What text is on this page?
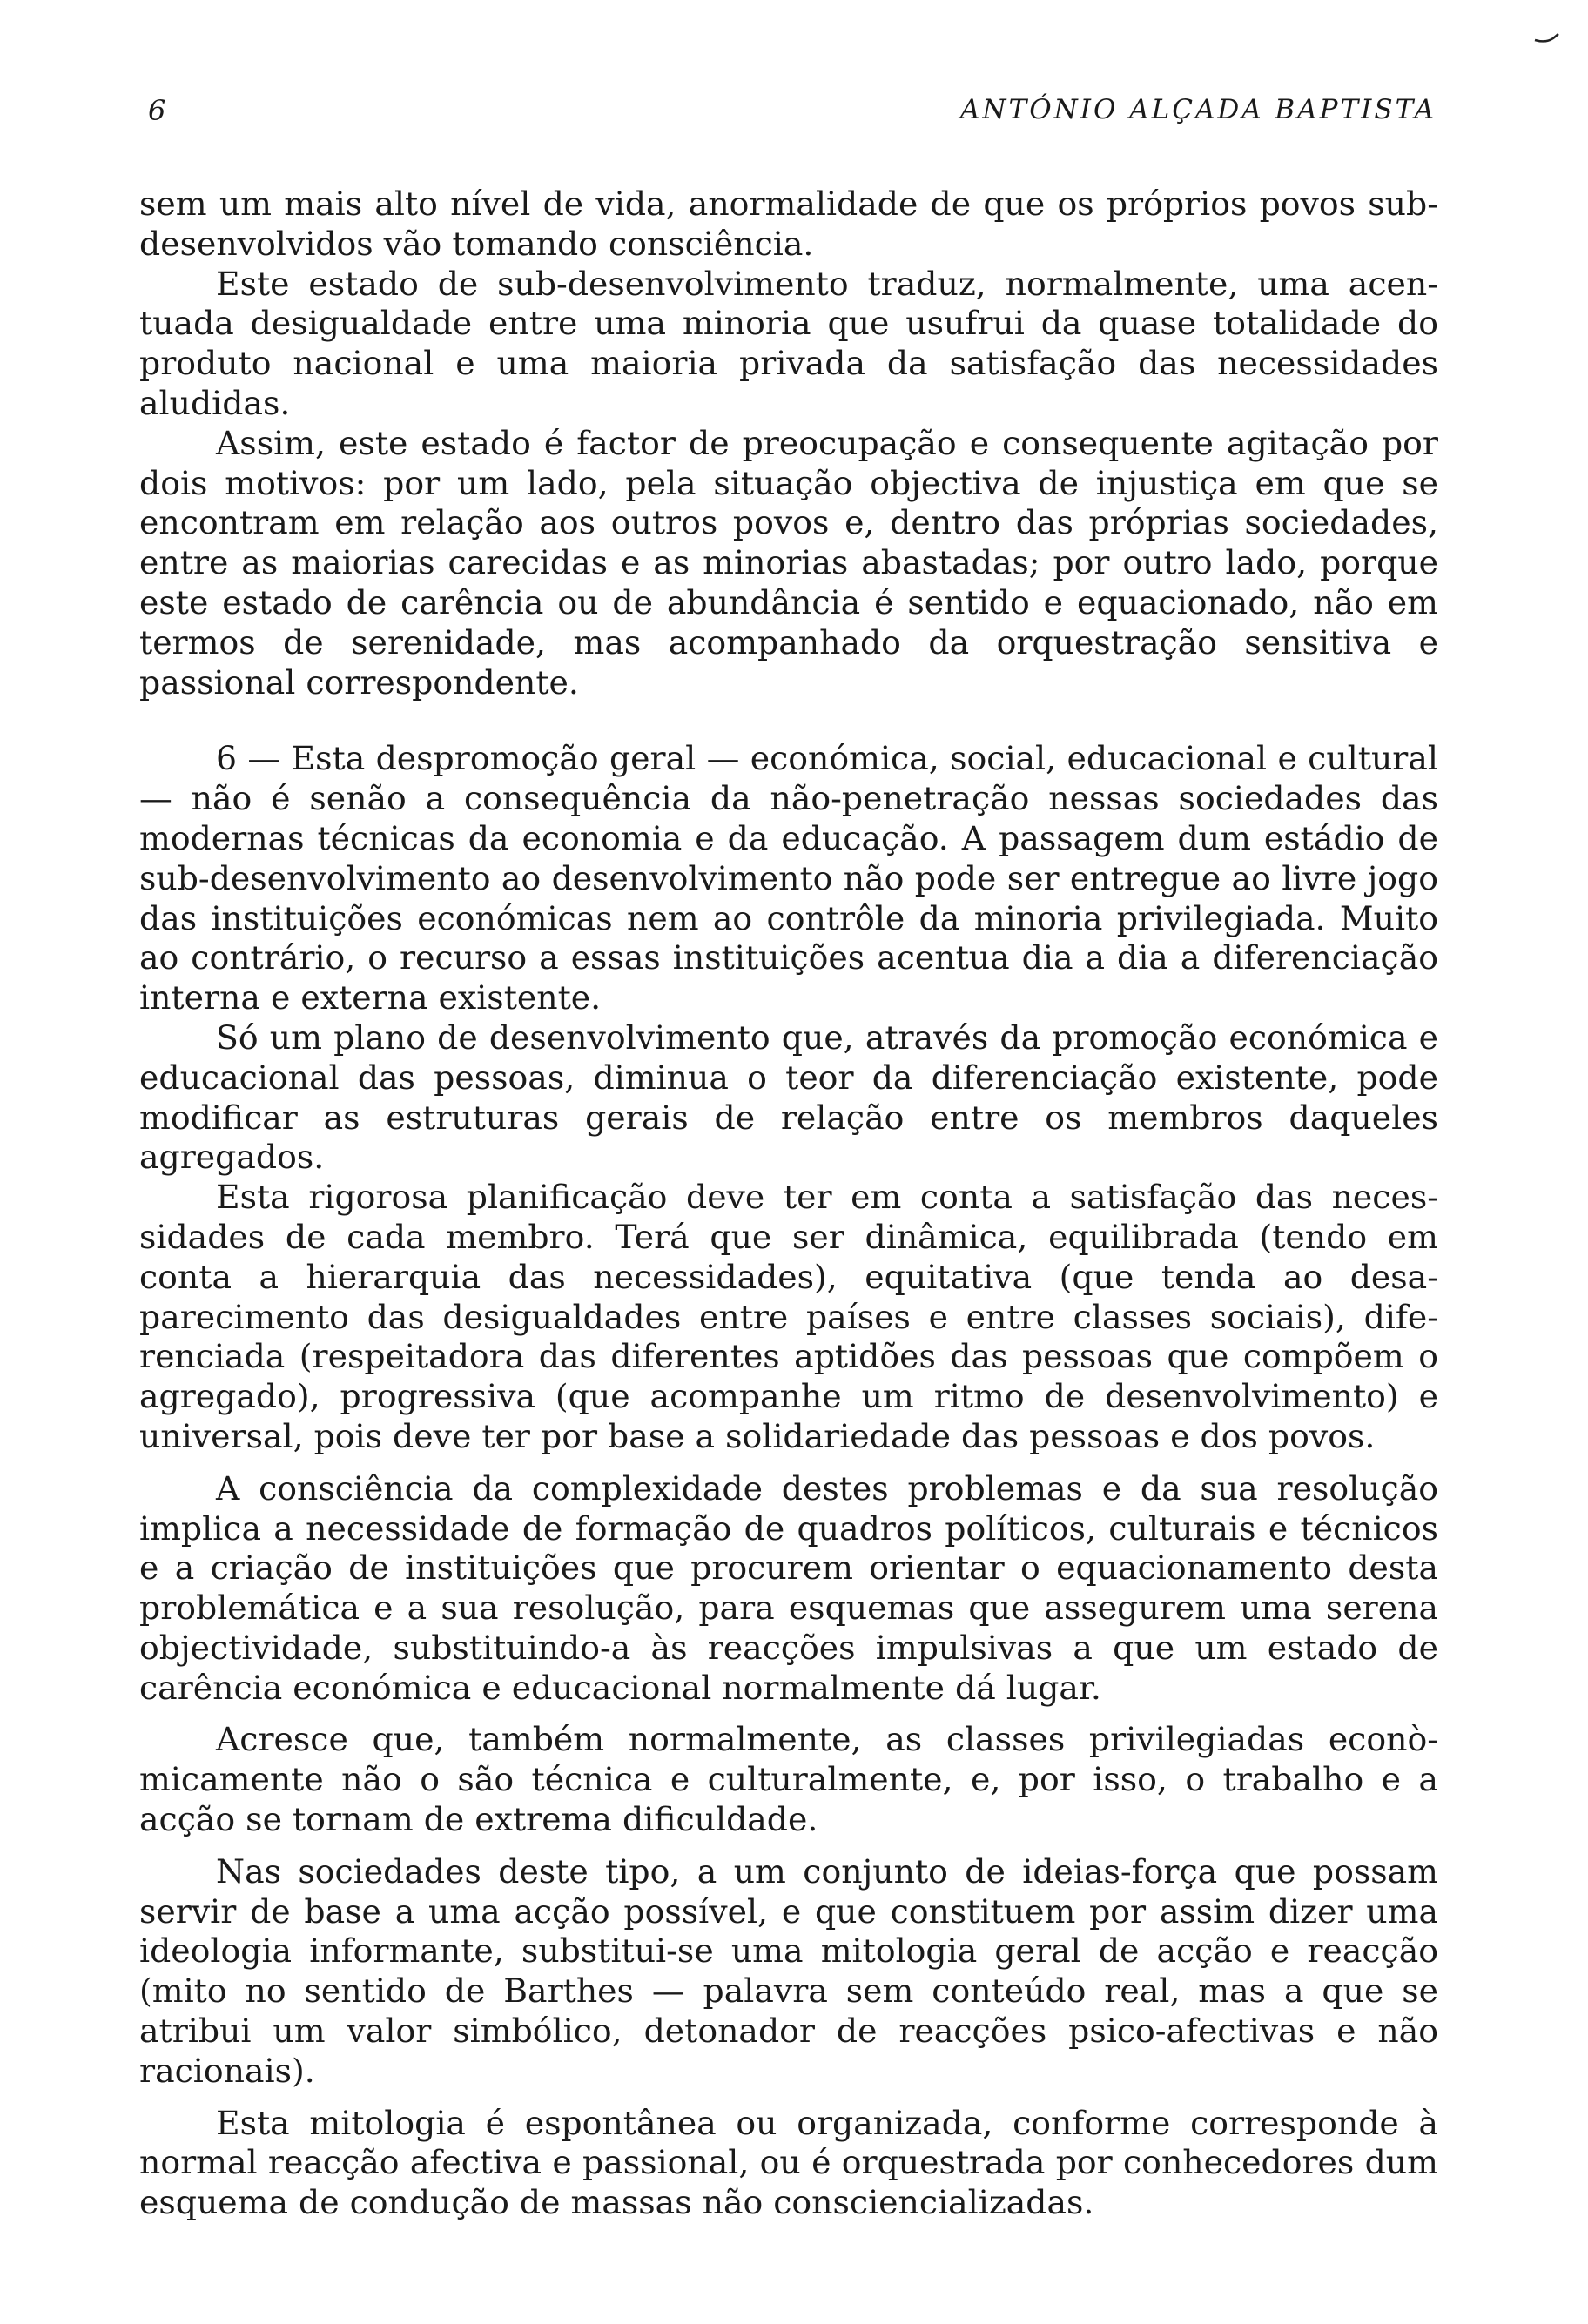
6	ANTÓNIO ALÇADA BAPTISTA

sem um mais alto nível de vida, anormalidade de que os próprios povos sub-desenvolvidos vão tomando consciência.

Este estado de sub-desenvolvimento traduz, normalmente, uma acentuada desigualdade entre uma minoria que usufrui da quase totalidade do produto nacional e uma maioria privada da satisfação das necessidades aludidas.

Assim, este estado é factor de preocupação e consequente agitação por dois motivos: por um lado, pela situação objectiva de injustiça em que se encontram em relação aos outros povos e, dentro das próprias sociedades, entre as maiorias carecidas e as minorias abastadas; por outro lado, porque este estado de carência ou de abundância é sentido e equacionado, não em termos de serenidade, mas acompanhado da orquestração sensitiva e passional correspondente.

6 — Esta despromoção geral — económica, social, educacional e cultural — não é senão a consequência da não-penetração nessas sociedades das modernas técnicas da economia e da educação. A passagem dum estádio de sub-desenvolvimento ao desenvolvimento não pode ser entregue ao livre jogo das instituições económicas nem ao contrôle da minoria privilegiada. Muito ao contrário, o recurso a essas instituições acentua dia a dia a diferenciação interna e externa existente.

Só um plano de desenvolvimento que, através da promoção económica e educacional das pessoas, diminua o teor da diferenciação existente, pode modificar as estruturas gerais de relação entre os membros daqueles agregados.

Esta rigorosa planificação deve ter em conta a satisfação das necessidades de cada membro. Terá que ser dinâmica, equilibrada (tendo em conta a hierarquia das necessidades), equitativa (que tenda ao desaparecimento das desigualdades entre países e entre classes sociais), diferenciada (respeitadora das diferentes aptidões das pessoas que compõem o agregado), progressiva (que acompanhe um ritmo de desenvolvimento) e universal, pois deve ter por base a solidariedade das pessoas e dos povos.

A consciência da complexidade destes problemas e da sua resolução implica a necessidade de formação de quadros políticos, culturais e técnicos e a criação de instituições que procurem orientar o equacionamento desta problemática e a sua resolução, para esquemas que assegurem uma serena objectividade, substituindo-a às reacções impulsivas a que um estado de carência económica e educacional normalmente dá lugar.

Acresce que, também normalmente, as classes privilegiadas econòmicamente não o são técnica e culturalmente, e, por isso, o trabalho e a acção se tornam de extrema dificuldade.

Nas sociedades deste tipo, a um conjunto de ideias-força que possam servir de base a uma acção possível, e que constituem por assim dizer uma ideologia informante, substitui-se uma mitologia geral de acção e reacção (mito no sentido de Barthes — palavra sem conteúdo real, mas a que se atribui um valor simbólico, detonador de reacções psico-afectivas e não racionais).

Esta mitologia é espontânea ou organizada, conforme corresponde à normal reacção afectiva e passional, ou é orquestrada por conhecedores dum esquema de condução de massas não consciencializadas.
